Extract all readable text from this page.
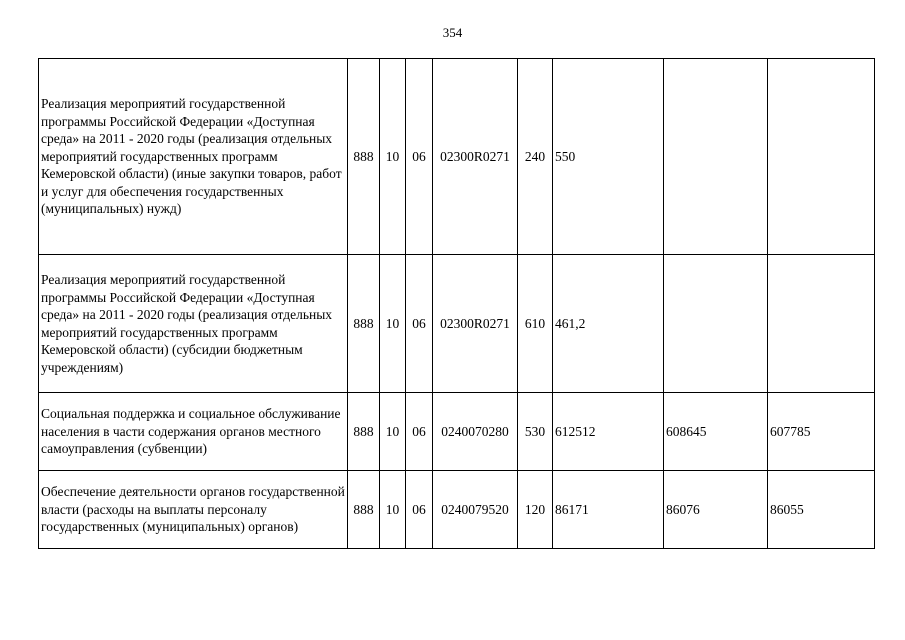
354
Реализация мероприятий государственной программы Российской Федерации «Доступная среда» на 2011 - 2020 годы (реализация отдельных мероприятий государственных программ Кемеровской области) (иные закупки товаров, работ и услуг для обеспечения государственных (муниципальных) нужд)	888	10	06	02300R0271	240	550		
Реализация мероприятий государственной программы Российской Федерации «Доступная среда» на 2011 - 2020 годы (реализация отдельных мероприятий государственных программ Кемеровской области) (субсидии бюджетным учреждениям)	888	10	06	02300R0271	610	461,2		
Социальная поддержка и социальное обслуживание населения в части содержания органов местного самоуправления (субвенции)	888	10	06	0240070280	530	612512	608645	607785
Обеспечение деятельности органов государственной власти (расходы на выплаты персоналу государственных (муниципальных) органов)	888	10	06	0240079520	120	86171	86076	86055
